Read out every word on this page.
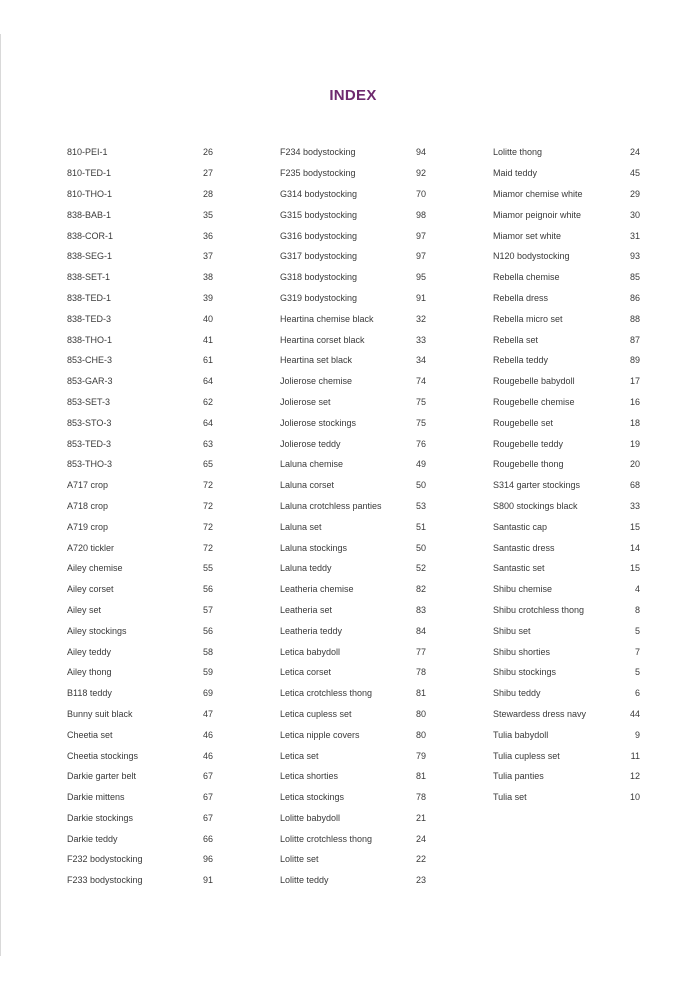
INDEX
810-PEI-1	26
810-TED-1	27
810-THO-1	28
838-BAB-1	35
838-COR-1	36
838-SEG-1	37
838-SET-1	38
838-TED-1	39
838-TED-3	40
838-THO-1	41
853-CHE-3	61
853-GAR-3	64
853-SET-3	62
853-STO-3	64
853-TED-3	63
853-THO-3	65
A717 crop	72
A718 crop	72
A719 crop	72
A720 tickler	72
Ailey chemise	55
Ailey corset	56
Ailey set	57
Ailey stockings	56
Ailey teddy	58
Ailey thong	59
B118 teddy	69
Bunny suit black	47
Cheetia set	46
Cheetia stockings	46
Darkie garter belt	67
Darkie mittens	67
Darkie stockings	67
Darkie teddy	66
F232 bodystocking	96
F233 bodystocking	91
F234 bodystocking	94
F235 bodystocking	92
G314 bodystocking	70
G315 bodystocking	98
G316 bodystocking	97
G317 bodystocking	97
G318 bodystocking	95
G319 bodystocking	91
Heartina chemise black	32
Heartina corset black	33
Heartina set black	34
Jolierose chemise	74
Jolierose set	75
Jolierose stockings	75
Jolierose teddy	76
Laluna chemise	49
Laluna corset	50
Laluna crotchless panties	53
Laluna set	51
Laluna stockings	50
Laluna teddy	52
Leatheria chemise	82
Leatheria set	83
Leatheria teddy	84
Letica babydoll	77
Letica corset	78
Letica crotchless thong	81
Letica cupless set	80
Letica nipple covers	80
Letica set	79
Letica shorties	81
Letica stockings	78
Lolitte babydoll	21
Lolitte crotchless thong	24
Lolitte set	22
Lolitte teddy	23
Lolitte thong	24
Maid teddy	45
Miamor chemise white	29
Miamor peignoir white	30
Miamor set white	31
N120 bodystocking	93
Rebella chemise	85
Rebella dress	86
Rebella micro set	88
Rebella set	87
Rebella teddy	89
Rougebelle babydoll	17
Rougebelle chemise	16
Rougebelle set	18
Rougebelle teddy	19
Rougebelle thong	20
S314 garter stockings	68
S800 stockings black	33
Santastic cap	15
Santastic dress	14
Santastic set	15
Shibu chemise	4
Shibu crotchless thong	8
Shibu set	5
Shibu shorties	7
Shibu stockings	5
Shibu teddy	6
Stewardess dress navy	44
Tulia babydoll	9
Tulia cupless set	11
Tulia panties	12
Tulia set	10
